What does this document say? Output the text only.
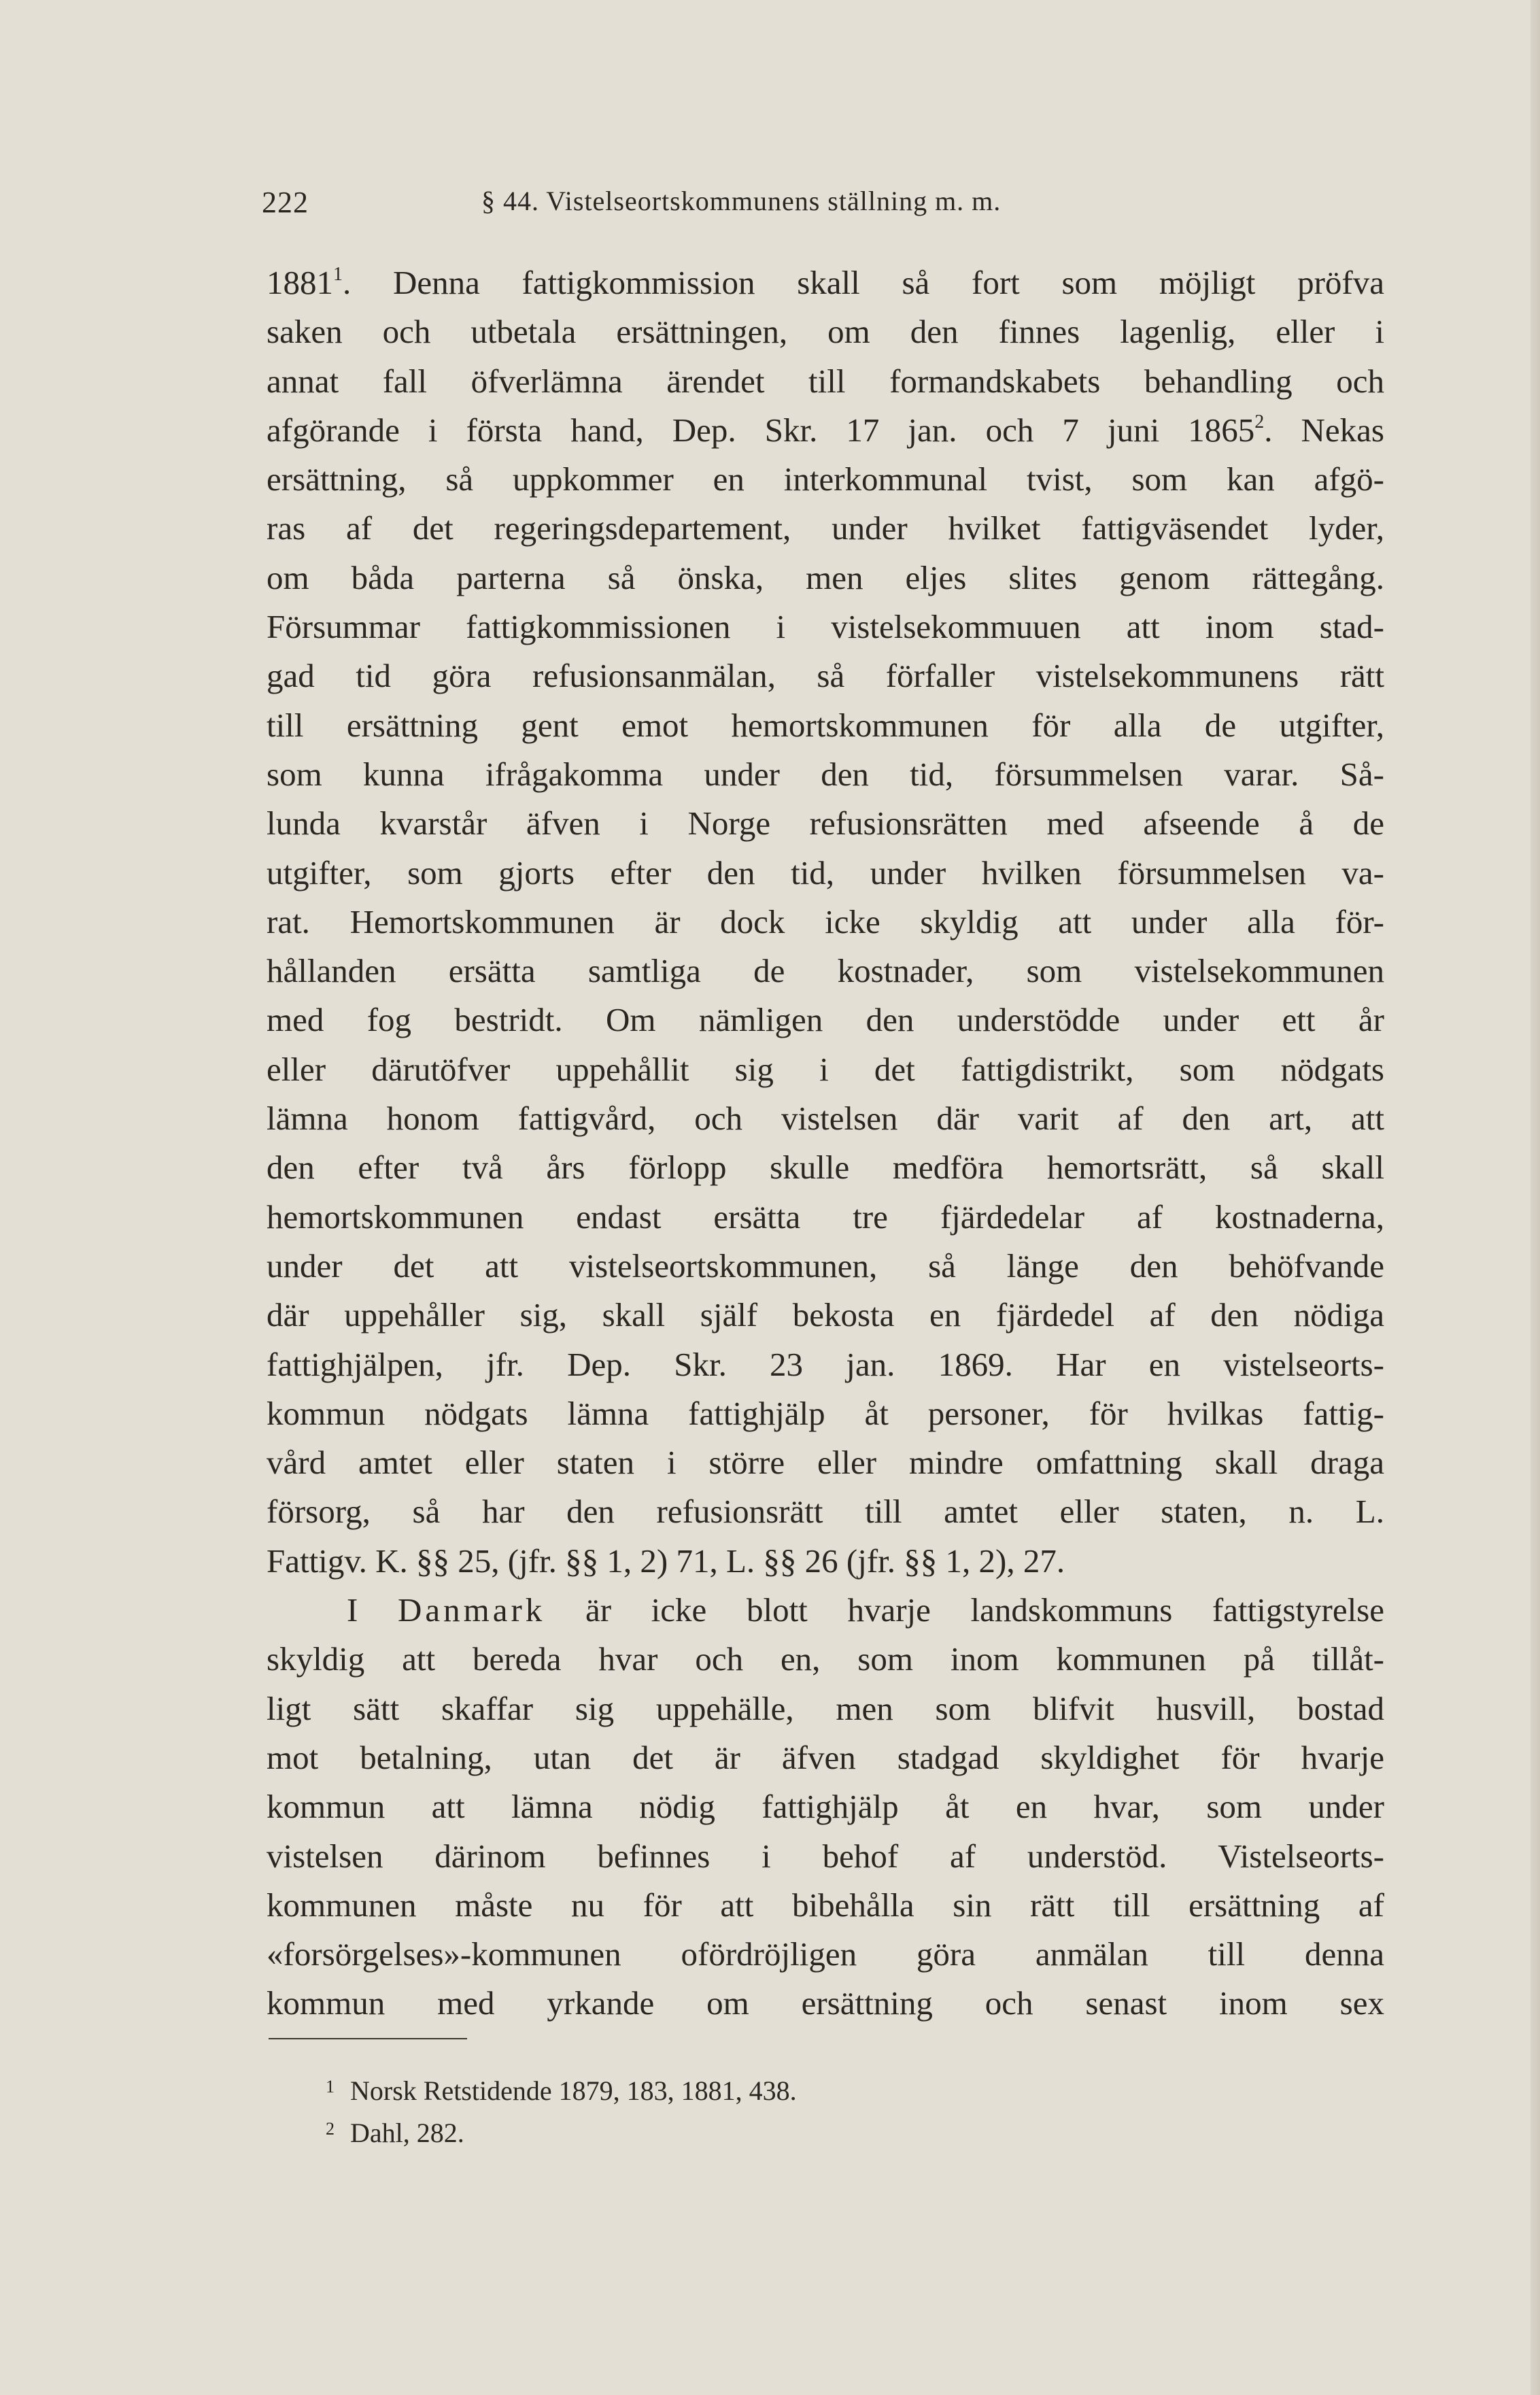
222	§ 44. Vistelseortskommunens ställning m. m.
1881$^1$. Denna fattigkommission skall så fort som möjligt pröfva
saken och utbetala ersättningen, om den finnes lagenlig, eller i
annat fall öfverlämna ärendet till formandskabets behandling och
afgörande i första hand, Dep. Skr. 17 jan. och 7 juni 1865$^2$. Nekas
ersättning, så uppkommer en interkommunal tvist, som kan afgö-
ras af det regeringsdepartement, under hvilket fattigväsendet lyder,
om båda parterna så önska, men eljes slites genom rättegång.
Försummar fattigkommissionen i vistelsekommuuen att inom stad-
gad tid göra refusionsanmälan, så förfaller vistelsekommunens rätt
till ersättning gent emot hemortskommunen för alla de utgifter,
som kunna ifrågakomma under den tid, försummelsen varar. Så-
lunda kvarstår äfven i Norge refusionsrätten med afseende å de
utgifter, som gjorts efter den tid, under hvilken försummelsen va-
rat. Hemortskommunen är dock icke skyldig att under alla för-
hållanden ersätta samtliga de kostnader, som vistelsekommunen
med fog bestridt. Om nämligen den understödde under ett år
eller därutöfver uppehållit sig i det fattigdistrikt, som nödgats
lämna honom fattigvård, och vistelsen där varit af den art, att
den efter två års förlopp skulle medföra hemortsrätt, så skall
hemortskommunen endast ersätta tre fjärdedelar af kostnaderna,
under det att vistelseortskommunen, så länge den behöfvande
där uppehåller sig, skall själf bekosta en fjärdedel af den nödiga
fattighjälpen, jfr. Dep. Skr. 23 jan. 1869. Har en vistelseorts-
kommun nödgats lämna fattighjälp åt personer, för hvilkas fattig-
vård amtet eller staten i större eller mindre omfattning skall draga
försorg, så har den refusionsrätt till amtet eller staten, n. L.
Fattigv. K. §§ 25, (jfr. §§ 1, 2) 71, L. §§ 26 (jfr. §§ 1, 2), 27.
I Danmark är icke blott hvarje landskommuns fattigstyrelse
skyldig att bereda hvar och en, som inom kommunen på tillåt-
ligt sätt skaffar sig uppehälle, men som blifvit husvill, bostad
mot betalning, utan det är äfven stadgad skyldighet för hvarje
kommun att lämna nödig fattighjälp åt en hvar, som under
vistelsen därinom befinnes i behof af understöd. Vistelseorts-
kommunen måste nu för att bibehålla sin rätt till ersättning af
«forsörgelses»-kommunen ofördröjligen göra anmälan till denna
kommun med yrkande om ersättning och senast inom sex
1 Norsk Retstidende 1879, 183, 1881, 438.
2 Dahl, 282.
